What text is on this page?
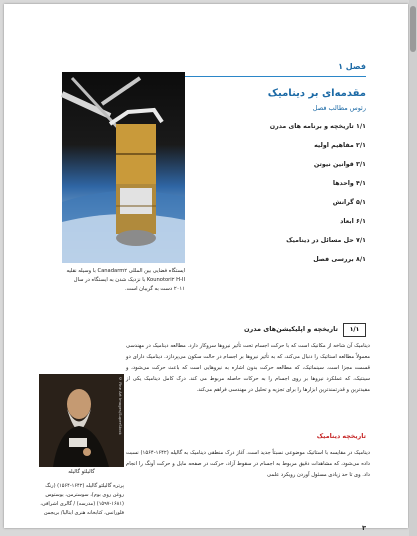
فصل ۱
مقدمه‌ای بر دینامیک
رئوس مطالب فصل
۱/۱ تاریخچه و برنامه های مدرن
۲/۱ مفاهیم اولیه
۳/۱ قوانین نیوتن
۴/۱ واحدها
۵/۱ گرانش
۶/۱ ابعاد
۷/۱ حل مسائل در دینامیک
۸/۱ بررسی فصل
NASA
ایستگاه فضایی بین المللی Canadarm۲ با وسیله نقلیه Kounotori۲ H-II با نزدیک شدن به ایستگاه در سال ۲۰۱۱ دست به گریبان است.
۱/۱
تاریخچه و اپلیکیشن‌های مدرن
دینامیک آن شاخه از مکانیک است که با حرکت اجسام تحت تأثیر نیروها سروکار دارد. مطالعه دینامیک در مهندسی معمولاً مطالعه استاتیک را دنبال می‌کند، که به تأثیر نیروها بر اجسام در حالت سکون می‌پردازد. دینامیک دارای دو قسمت مجزا است. سینماتیک، که مطالعه حرکت بدون اشاره به نیروهایی است که باعث حرکت می‌شود، و سینتیک، که عملکرد نیروها بر روی اجسام را به حرکات حاصله مربوط می کند. درک کامل دینامیک یکی از مفیدترین و قدرتمندترین ابزارها را برای تجزیه و تحلیل در مهندسی فراهم می‌کند.
© Fine Art Images/SuperStock
گالیلئو گالیله
پرتره گالیلئو گالیله (۱۶۴۲-۱۵۶۴) (رنگ روغن روی بوم)، سوسترمن، یوستوس (۱۶۸۱-۱۵۹۷) (مدرسه) / گالری اشرافی، فلورانس، کتابخانه هنری ایتالیا/ بریجمن
تاریخچه دینامیک
دینامیک در مقایسه با استاتیک موضوعی نسبتاً جدید است. آغاز درک منطقی دینامیک به گالیله (۱۶۴۲-۱۵۶۴) نسبت داده می‌شود، که مشاهدات دقیق مربوط به اجسام در سقوط آزاد، حرکت در صفحه مایل و حرکت آونگ را انجام داد. وی تا حد زیادی مسئول آوردن رویکرد علمی
۳
